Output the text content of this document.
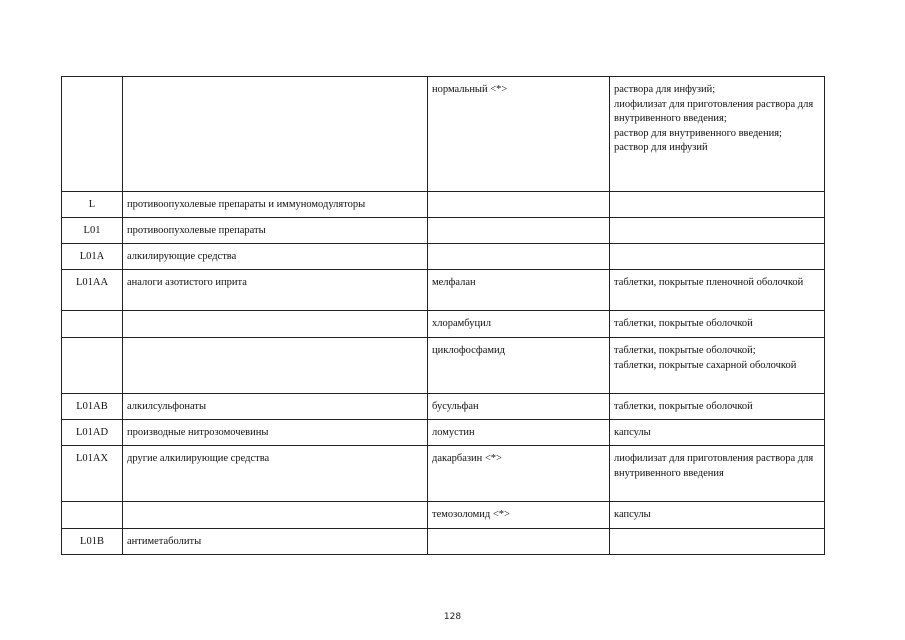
		нормальный <*>	раствора для инфузий;
лиофилизат для приготовления раствора для внутривенного введения;
раствор для внутривенного введения;
раствор для инфузий
L	противоопухолевые препараты и иммуномодуляторы		
L01	противоопухолевые препараты		
L01A	алкилирующие средства		
L01AA	аналоги азотистого иприта	мелфалан	таблетки, покрытые пленочной оболочкой
		хлорамбуцил	таблетки, покрытые оболочкой
		циклофосфамид	таблетки, покрытые оболочкой;
таблетки, покрытые сахарной оболочкой
L01AB	алкилсульфонаты	бусульфан	таблетки, покрытые оболочкой
L01AD	производные нитрозомочевины	ломустин	капсулы
L01AX	другие алкилирующие средства	дакарбазин <*>	лиофилизат для приготовления раствора для внутривенного введения
		темозоломид <*>	капсулы
L01B	антиметаболиты		
128
